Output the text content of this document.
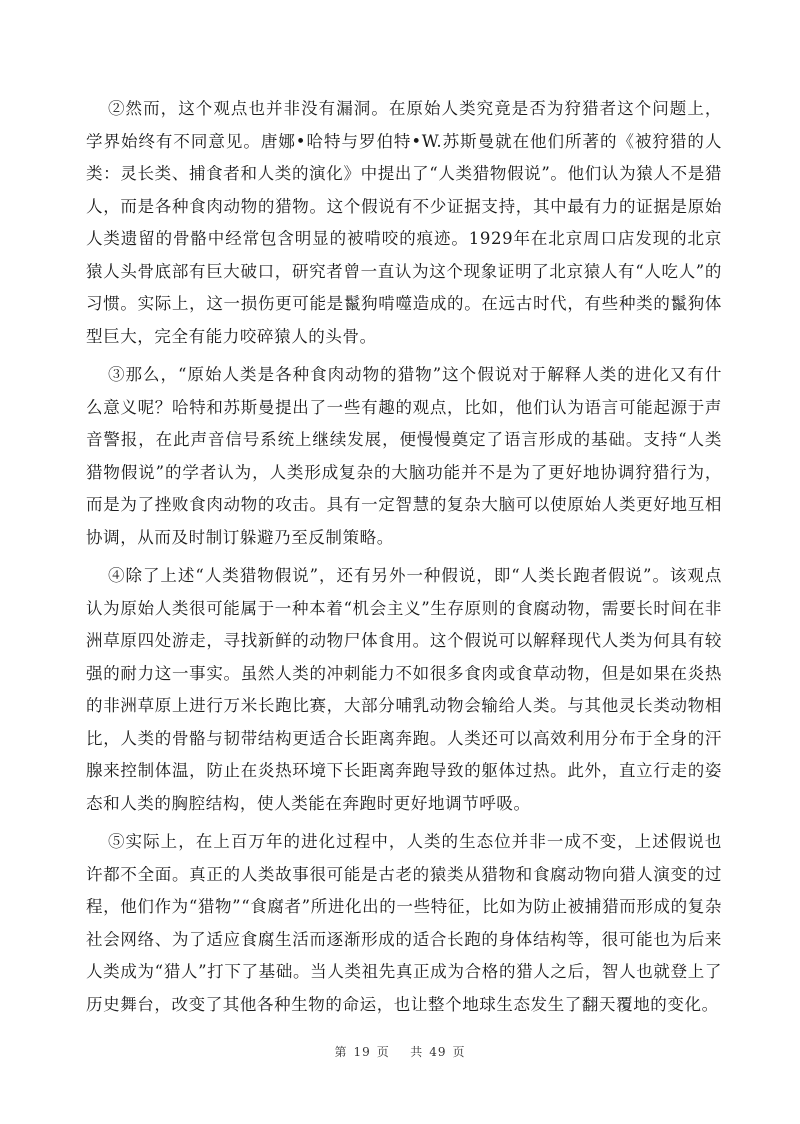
②然而，这个观点也并非没有漏洞。在原始人类究竟是否为狩猎者这个问题上，学界始终有不同意见。唐娜•哈特与罗伯特•W.苏斯曼就在他们所著的《被狩猎的人类：灵长类、捕食者和人类的演化》中提出了“人类猎物假说”。他们认为猿人不是猎人，而是各种食肉动物的猎物。这个假说有不少证据支持，其中最有力的证据是原始人类遗留的骨骼中经常包含明显的被啃咬的痕迹。1929年在北京周口店发现的北京猿人头骨底部有巨大破口，研究者曾一直认为这个现象证明了北京猿人有“人吃人”的习惯。实际上，这一损伤更可能是鬣狗啃噬造成的。在远古时代，有些种类的鬣狗体型巨大，完全有能力咬碎猿人的头骨。

③那么，“原始人类是各种食肉动物的猎物”这个假说对于解释人类的进化又有什么意义呢？哈特和苏斯曼提出了一些有趣的观点，比如，他们认为语言可能起源于声音警报，在此声音信号系统上继续发展，便慢慢奠定了语言形成的基础。支持“人类猎物假说”的学者认为，人类形成复杂的大脑功能并不是为了更好地协调狩猎行为，而是为了挫败食肉动物的攻击。具有一定智慧的复杂大脑可以使原始人类更好地互相协调，从而及时制订躲避乃至反制策略。

④除了上述“人类猎物假说”，还有另外一种假说，即“人类长跑者假说”。该观点认为原始人类很可能属于一种本着“机会主义”生存原则的食腐动物，需要长时间在非洲草原四处游走，寻找新鲜的动物尸体食用。这个假说可以解释现代人类为何具有较强的耐力这一事实。虽然人类的冲刺能力不如很多食肉或食草动物，但是如果在炎热的非洲草原上进行万米长跑比赛，大部分哺乳动物会输给人类。与其他灵长类动物相比，人类的骨骼与韧带结构更适合长距离奔跑。人类还可以高效利用分布于全身的汗腺来控制体温，防止在炎热环境下长距离奔跑导致的躯体过热。此外，直立行走的姿态和人类的胸腔结构，使人类能在奔跑时更好地调节呼吸。

⑤实际上，在上百万年的进化过程中，人类的生态位并非一成不变，上述假说也许都不全面。真正的人类故事很可能是古老的猿类从猎物和食腐动物向猎人演变的过程，他们作为“猎物”“食腐者”所进化出的一些特征，比如为防止被捕猎而形成的复杂社会网络、为了适应食腐生活而逐渐形成的适合长跑的身体结构等，很可能也为后来人类成为“猎人”打下了基础。当人类祖先真正成为合格的猎人之后，智人也就登上了历史舞台，改变了其他各种生物的命运，也让整个地球生态发生了翻天覆地的变化。

第 19 页 共 49 页
